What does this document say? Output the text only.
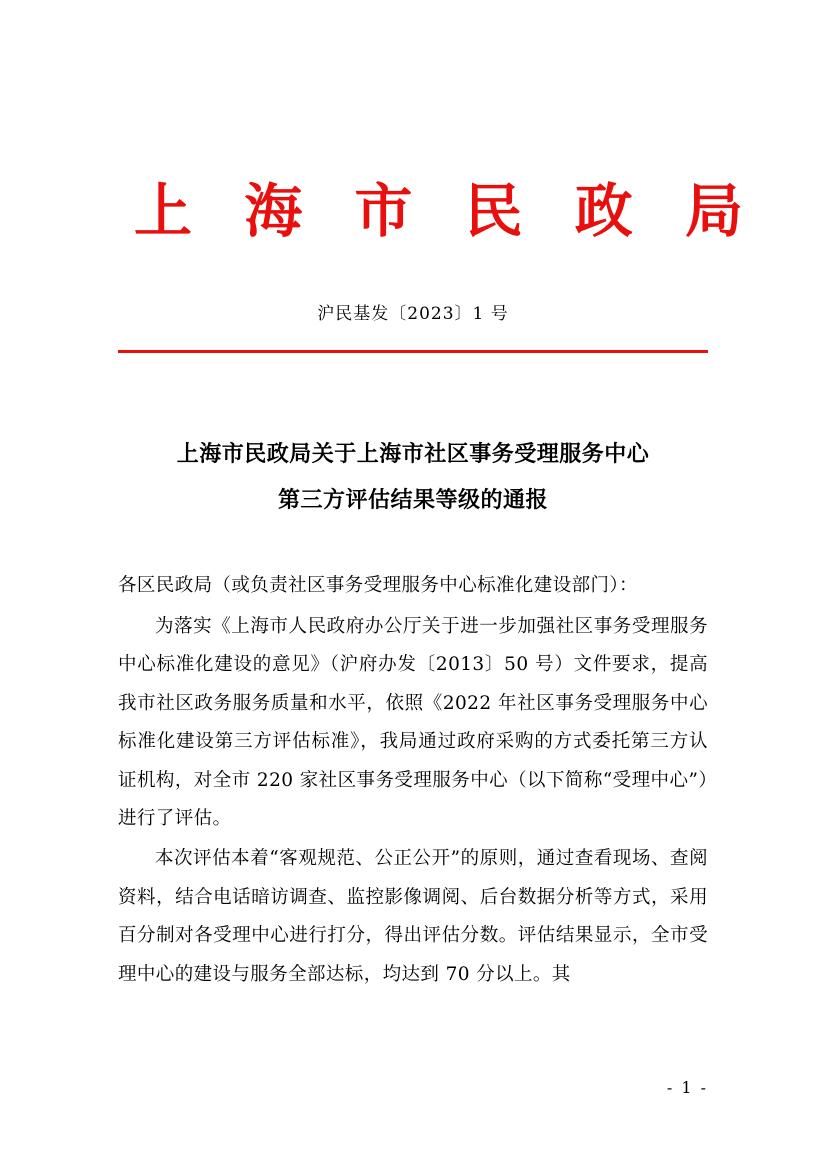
上 海 市 民 政 局
沪民基发〔2023〕1 号
上海市民政局关于上海市社区事务受理服务中心
第三方评估结果等级的通报

各区民政局（或负责社区事务受理服务中心标准化建设部门）：

为落实《上海市人民政府办公厅关于进一步加强社区事务受理服务中心标准化建设的意见》（沪府办发〔2013〕50 号）文件要求，提高我市社区政务服务质量和水平，依照《2022 年社区事务受理服务中心标准化建设第三方评估标准》，我局通过政府采购的方式委托第三方认证机构，对全市 220 家社区事务受理服务中心（以下简称“受理中心”）进行了评估。

本次评估本着“客观规范、公正公开”的原则，通过查看现场、查阅资料，结合电话暗访调查、监控影像调阅、后台数据分析等方式，采用百分制对各受理中心进行打分，得出评估分数。评估结果显示，全市受理中心的建设与服务全部达标，均达到 70 分以上。其

- 1 -
